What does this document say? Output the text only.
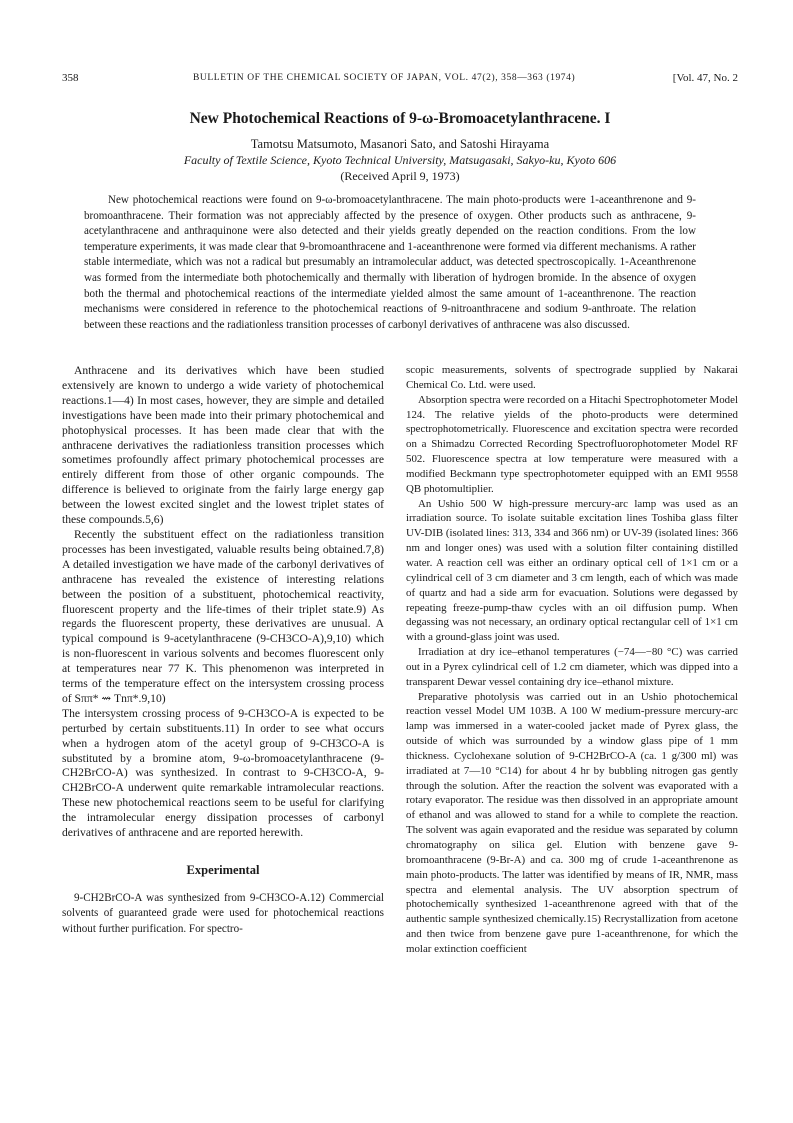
358	BULLETIN OF THE CHEMICAL SOCIETY OF JAPAN, VOL. 47(2), 358—363 (1974)	[Vol. 47, No. 2
New Photochemical Reactions of 9-ω-Bromoacetylanthracene. I
Tamotsu Matsumoto, Masanori Sato, and Satoshi Hirayama
Faculty of Textile Science, Kyoto Technical University, Matsugasaki, Sakyo-ku, Kyoto 606
(Received April 9, 1973)

New photochemical reactions were found on 9-ω-bromoacetylanthracene. The main photo-products were 1-aceanthrenone and 9-bromoanthracene. Their formation was not appreciably affected by the presence of oxygen. Other products such as anthracene, 9-acetylanthracene and anthraquinone were also detected and their yields greatly depended on the reaction conditions. From the low temperature experiments, it was made clear that 9-bromoanthracene and 1-aceanthrenone were formed via different mechanisms. A rather stable intermediate, which was not a radical but presumably an intramolecular adduct, was detected spectroscopically. 1-Aceanthrenone was formed from the intermediate both photochemically and thermally with liberation of hydrogen bromide. In the absence of oxygen both the thermal and photochemical reactions of the intermediate yielded almost the same amount of 1-aceanthrenone. The reaction mechanisms were considered in reference to the photochemical reactions of 9-nitroanthracene and sodium 9-anthroate. The relation between these reactions and the radiationless transition processes of carbonyl derivatives of anthracene was also discussed.

Anthracene and its derivatives which have been studied extensively are known to undergo a wide variety of photochemical reactions.1—4) In most cases, however, they are simple and detailed investigations have been made into their primary photochemical and photophysical processes. It has been made clear that with the anthracene derivatives the radiationless transition processes which sometimes profoundly affect primary photochemical processes are entirely different from those of other organic compounds. The difference is believed to originate from the fairly large energy gap between the lowest excited singlet and the lowest triplet states of these compounds.5,6)

Recently the substituent effect on the radiationless transition processes has been investigated, valuable results being obtained.7,8) A detailed investigation we have made of the carbonyl derivatives of anthracene has revealed the existence of interesting relations between the position of a substituent, photochemical reactivity, fluorescent property and the life-times of their triplet state.9) As regards the fluorescent property, these derivatives are unusual. A typical compound is 9-acetylanthracene (9-CH3CO-A),9,10) which is non-fluorescent in various solvents and becomes fluorescent only at temperatures near 77 K. This phenomenon was interpreted in terms of the temperature effect on the intersystem crossing process of Sππ* ⇝ Tnπ*.9,10)

The intersystem crossing process of 9-CH3CO-A is expected to be perturbed by certain substituents.11) In order to see what occurs when a hydrogen atom of the acetyl group of 9-CH3CO-A is substituted by a bromine atom, 9-ω-bromoacetylanthracene (9-CH2BrCO-A) was synthesized. In contrast to 9-CH3CO-A, 9-CH2BrCO-A underwent quite remarkable intramolecular reactions. These new photochemical reactions seem to be useful for clarifying the intramolecular energy dissipation processes of carbonyl derivatives of anthracene and are reported herewith.

Experimental

9-CH2BrCO-A was synthesized from 9-CH3CO-A.12) Commercial solvents of guaranteed grade were used for photochemical reactions without further purification. For spectro-

scopic measurements, solvents of spectrograde supplied by Nakarai Chemical Co. Ltd. were used.

Absorption spectra were recorded on a Hitachi Spectrophotometer Model 124. The relative yields of the photo-products were determined spectrophotometrically. Fluorescence and excitation spectra were recorded on a Shimadzu Corrected Recording Spectrofluorophotometer Model RF 502. Fluorescence spectra at low temperature were measured with a modified Beckmann type spectrophotometer equipped with an EMI 9558 QB photomultiplier.

An Ushio 500 W high-pressure mercury-arc lamp was used as an irradiation source. To isolate suitable excitation lines Toshiba glass filter UV-DIB (isolated lines: 313, 334 and 366 nm) or UV-39 (isolated lines: 366 nm and longer ones) was used with a solution filter containing distilled water. A reaction cell was either an ordinary optical cell of 1×1 cm or a cylindrical cell of 3 cm diameter and 3 cm length, each of which was made of quartz and had a side arm for evacuation. Solutions were degassed by repeating freeze-pump-thaw cycles with an oil diffusion pump. When degassing was not necessary, an ordinary optical rectangular cell of 1×1 cm with a ground-glass joint was used.

Irradiation at dry ice–ethanol temperatures (−74—−80 °C) was carried out in a Pyrex cylindrical cell of 1.2 cm diameter, which was dipped into a transparent Dewar vessel containing dry ice–ethanol mixture.

Preparative photolysis was carried out in an Ushio photochemical reaction vessel Model UM 103B. A 100 W medium-pressure mercury-arc lamp was immersed in a water-cooled jacket made of Pyrex glass, the outside of which was surrounded by a window glass pipe of 1 mm thickness. Cyclohexane solution of 9-CH2BrCO-A (ca. 1 g/300 ml) was irradiated at 7—10 °C14) for about 4 hr by bubbling nitrogen gas gently through the solution. After the reaction the solvent was evaporated with a rotary evaporator. The residue was then dissolved in an appropriate amount of ethanol and was allowed to stand for a while to complete the reaction. The solvent was again evaporated and the residue was separated by column chromatography on silica gel. Elution with benzene gave 9-bromoanthracene (9-Br-A) and ca. 300 mg of crude 1-aceanthrenone as main photo-products. The latter was identified by means of IR, NMR, mass spectra and elemental analysis. The UV absorption spectrum of photochemically synthesized 1-aceanthrenone agreed with that of the authentic sample synthesized chemically.15) Recrystallization from acetone and then twice from benzene gave pure 1-aceanthrenone, for which the molar extinction coefficient
